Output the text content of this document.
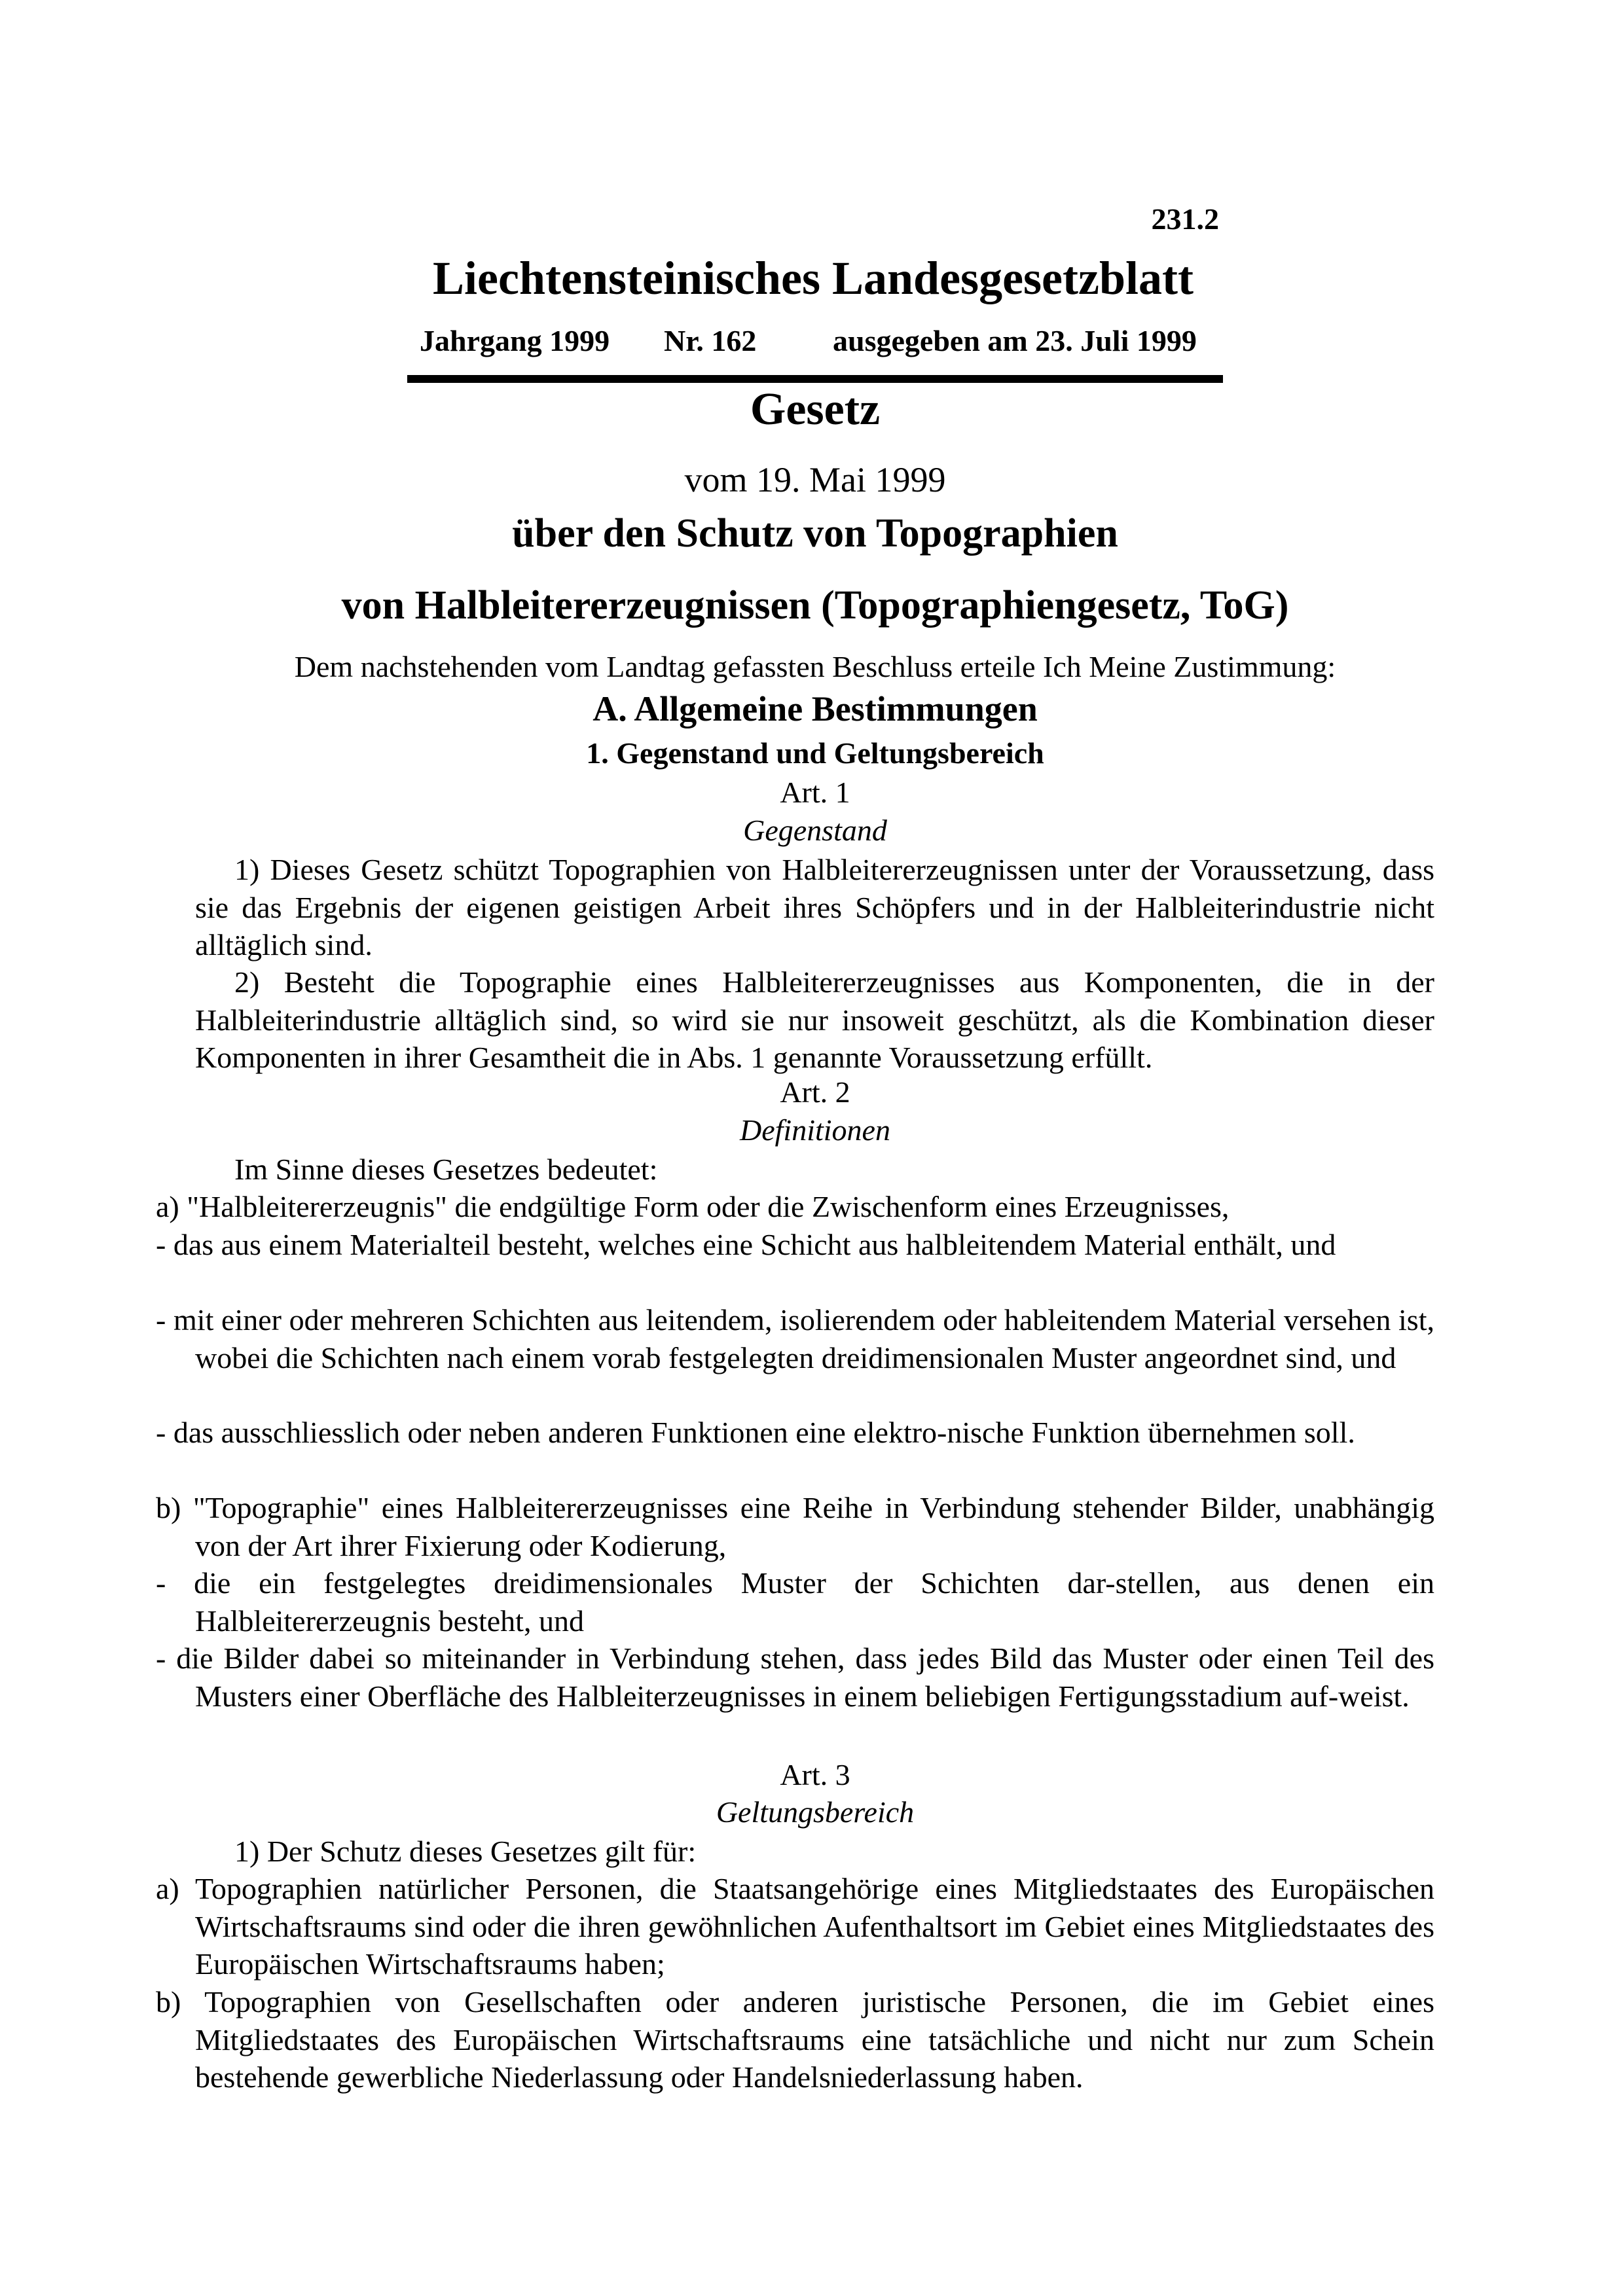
231.2
Liechtensteinisches Landesgesetzblatt
Jahrgang 1999 Nr. 162	ausgegeben am 23. Juli 1999
Gesetz
vom 19. Mai 1999
über den Schutz von Topographien
von Halbleitererzeugnissen (Topographiengesetz, ToG)
Dem nachstehenden vom Landtag gefassten Beschluss erteile Ich Meine Zustimmung:
A. Allgemeine Bestimmungen
1. Gegenstand und Geltungsbereich
Art. 1
Gegenstand

1) Dieses Gesetz schützt Topographien von Halbleitererzeugnissen unter der Voraussetzung, dass sie das Ergebnis der eigenen geistigen Arbeit ihres Schöpfers und in der Halbleiterindustrie nicht alltäglich sind.

2) Besteht die Topographie eines Halbleitererzeugnisses aus Komponenten, die in der Halbleiterindustrie alltäglich sind, so wird sie nur insoweit geschützt, als die Kombination dieser Komponenten in ihrer Gesamtheit die in Abs. 1 genannte Voraussetzung erfüllt.

Art. 2
Definitionen

Im Sinne dieses Gesetzes bedeutet:

a) "Halbleitererzeugnis" die endgültige Form oder die Zwischenform eines Erzeugnisses,

- das aus einem Materialteil besteht, welches eine Schicht aus halbleitendem Material enthält, und

- mit einer oder mehreren Schichten aus leitendem, isolierendem oder hableitendem Material versehen ist, wobei die Schichten nach einem vorab festgelegten dreidimensionalen Muster angeordnet sind, und

- das ausschliesslich oder neben anderen Funktionen eine elektro-nische Funktion übernehmen soll.

b) "Topographie" eines Halbleitererzeugnisses eine Reihe in Verbindung stehender Bilder, unabhängig von der Art ihrer Fixierung oder Kodierung,

- die ein festgelegtes dreidimensionales Muster der Schichten dar-stellen, aus denen ein Halbleitererzeugnis besteht, und

- die Bilder dabei so miteinander in Verbindung stehen, dass jedes Bild das Muster oder einen Teil des Musters einer Oberfläche des Halbleiterzeugnisses in einem beliebigen Fertigungsstadium auf-weist.

Art. 3
Geltungsbereich

1) Der Schutz dieses Gesetzes gilt für:

a) Topographien natürlicher Personen, die Staatsangehörige eines Mitgliedstaates des Europäischen Wirtschaftsraums sind oder die ihren gewöhnlichen Aufenthaltsort im Gebiet eines Mitgliedstaates des Europäischen Wirtschaftsraums haben;

b) Topographien von Gesellschaften oder anderen juristische Personen, die im Gebiet eines Mitgliedstaates des Europäischen Wirtschaftsraums eine tatsächliche und nicht nur zum Schein bestehende gewerbliche Niederlassung oder Handelsniederlassung haben.
